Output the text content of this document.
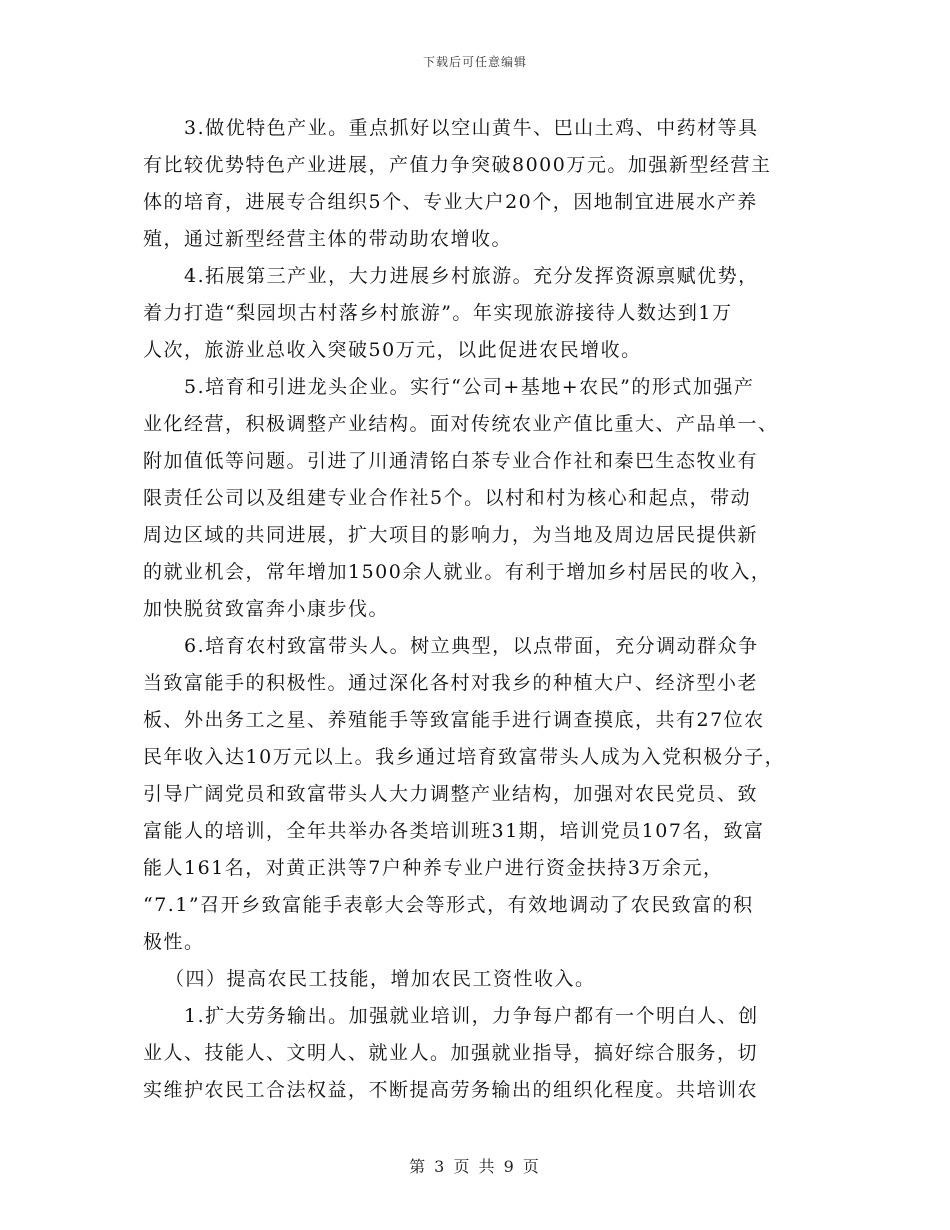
下载后可任意编辑
3.做优特色产业。重点抓好以空山黄牛、巴山土鸡、中药材等具
有比较优势特色产业进展，产值力争突破8000万元。加强新型经营主
体的培育，进展专合组织5个、专业大户20个，因地制宜进展水产养
殖，通过新型经营主体的带动助农增收。
4.拓展第三产业，大力进展乡村旅游。充分发挥资源禀赋优势，
着力打造“梨园坝古村落乡村旅游”。年实现旅游接待人数达到1万
人次，旅游业总收入突破50万元，以此促进农民增收。
5.培育和引进龙头企业。实行“公司+基地+农民”的形式加强产
业化经营，积极调整产业结构。面对传统农业产值比重大、产品单一、
附加值低等问题。引进了川通清铭白茶专业合作社和秦巴生态牧业有
限责任公司以及组建专业合作社5个。以村和村为核心和起点，带动
周边区域的共同进展，扩大项目的影响力，为当地及周边居民提供新
的就业机会，常年增加1500余人就业。有利于增加乡村居民的收入，
加快脱贫致富奔小康步伐。
6.培育农村致富带头人。树立典型，以点带面，充分调动群众争
当致富能手的积极性。通过深化各村对我乡的种植大户、经济型小老
板、外出务工之星、养殖能手等致富能手进行调查摸底，共有27位农
民年收入达10万元以上。我乡通过培育致富带头人成为入党积极分子，
引导广阔党员和致富带头人大力调整产业结构，加强对农民党员、致
富能人的培训，全年共举办各类培训班31期，培训党员107名，致富
能人161名，对黄正洪等7户种养专业户进行资金扶持3万余元，
“7.1”召开乡致富能手表彰大会等形式，有效地调动了农民致富的积
极性。
（四）提高农民工技能，增加农民工资性收入。
1.扩大劳务输出。加强就业培训，力争每户都有一个明白人、创
业人、技能人、文明人、就业人。加强就业指导，搞好综合服务，切
实维护农民工合法权益，不断提高劳务输出的组织化程度。共培训农
第 3 页 共 9 页
